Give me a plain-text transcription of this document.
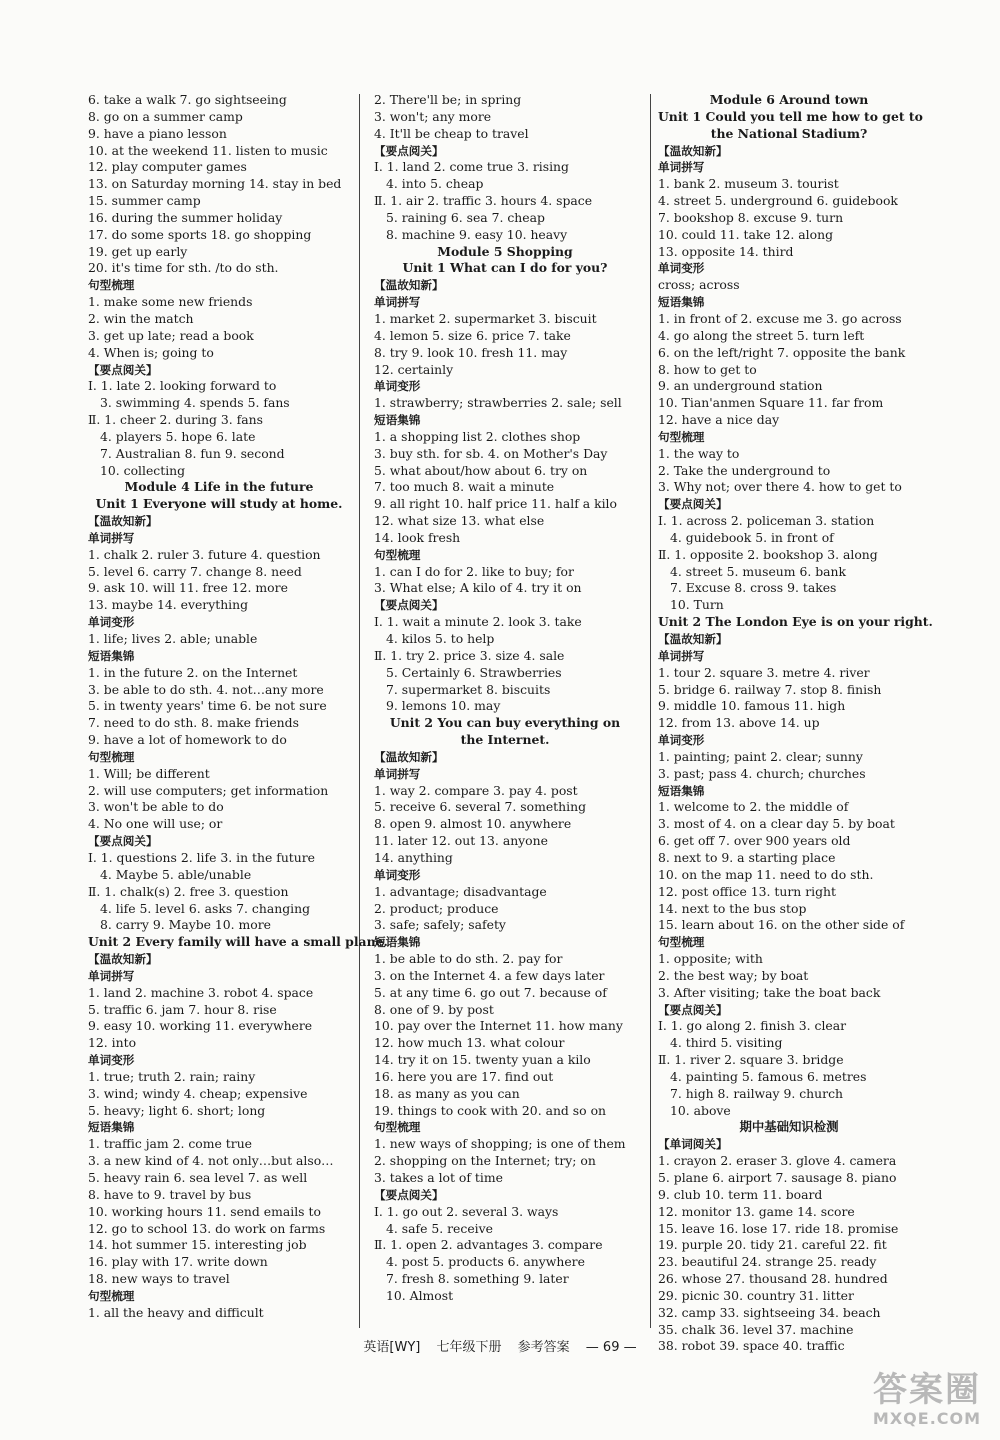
6. take a walk 7. go sightseeing
8. go on a summer camp
9. have a piano lesson
10. at the weekend 11. listen to music
12. play computer games
13. on Saturday morning 14. stay in bed
15. summer camp
16. during the summer holiday
17. do some sports 18. go shopping
19. get up early
20. it's time for sth. /to do sth.
句型梳理
1. make some new friends
2. win the match
3. get up late; read a book
4. When is; going to
【要点阅关】
Ⅰ. 1. late 2. looking forward to
3. swimming 4. spends 5. fans
Ⅱ. 1. cheer 2. during 3. fans
4. players 5. hope 6. late
7. Australian 8. fun 9. second
10. collecting
Module 4 Life in the future
Unit 1 Everyone will study at home.
【温故知新】
单词拼写
1. chalk 2. ruler 3. future 4. question
5. level 6. carry 7. change 8. need
9. ask 10. will 11. free 12. more
13. maybe 14. everything
单词变形
1. life; lives 2. able; unable
短语集锦
1. in the future 2. on the Internet
3. be able to do sth. 4. not…any more
5. in twenty years' time 6. be not sure
7. need to do sth. 8. make friends
9. have a lot of homework to do
句型梳理
1. Will; be different
2. will use computers; get information
3. won't be able to do
4. No one will use; or
【要点阅关】
Ⅰ. 1. questions 2. life 3. in the future
4. Maybe 5. able/unable
Ⅱ. 1. chalk(s) 2. free 3. question
4. life 5. level 6. asks 7. changing
8. carry 9. Maybe 10. more
Unit 2 Every family will have a small plane.
【温故知新】
单词拼写
1. land 2. machine 3. robot 4. space
5. traffic 6. jam 7. hour 8. rise
9. easy 10. working 11. everywhere
12. into
单词变形
1. true; truth 2. rain; rainy
3. wind; windy 4. cheap; expensive
5. heavy; light 6. short; long
短语集锦
1. traffic jam 2. come true
3. a new kind of 4. not only…but also…
5. heavy rain 6. sea level 7. as well
8. have to 9. travel by bus
10. working hours 11. send emails to
12. go to school 13. do work on farms
14. hot summer 15. interesting job
16. play with 17. write down
18. new ways to travel
句型梳理
1. all the heavy and difficult
2. There'll be; in spring
3. won't; any more
4. It'll be cheap to travel
【要点阅关】
Ⅰ. 1. land 2. come true 3. rising
4. into 5. cheap
Ⅱ. 1. air 2. traffic 3. hours 4. space
5. raining 6. sea 7. cheap
8. machine 9. easy 10. heavy
Module 5 Shopping
Unit 1 What can I do for you?
【温故知新】
单词拼写
1. market 2. supermarket 3. biscuit
4. lemon 5. size 6. price 7. take
8. try 9. look 10. fresh 11. may
12. certainly
单词变形
1. strawberry; strawberries 2. sale; sell
短语集锦
1. a shopping list 2. clothes shop
3. buy sth. for sb. 4. on Mother's Day
5. what about/how about 6. try on
7. too much 8. wait a minute
9. all right 10. half price 11. half a kilo
12. what size 13. what else
14. look fresh
句型梳理
1. can I do for 2. like to buy; for
3. What else; A kilo of 4. try it on
【要点阅关】
Ⅰ. 1. wait a minute 2. look 3. take
4. kilos 5. to help
Ⅱ. 1. try 2. price 3. size 4. sale
5. Certainly 6. Strawberries
7. supermarket 8. biscuits
9. lemons 10. may
Unit 2 You can buy everything on
the Internet.
【温故知新】
单词拼写
1. way 2. compare 3. pay 4. post
5. receive 6. several 7. something
8. open 9. almost 10. anywhere
11. later 12. out 13. anyone
14. anything
单词变形
1. advantage; disadvantage
2. product; produce
3. safe; safely; safety
短语集锦
1. be able to do sth. 2. pay for
3. on the Internet 4. a few days later
5. at any time 6. go out 7. because of
8. one of 9. by post
10. pay over the Internet 11. how many
12. how much 13. what colour
14. try it on 15. twenty yuan a kilo
16. here you are 17. find out
18. as many as you can
19. things to cook with 20. and so on
句型梳理
1. new ways of shopping; is one of them
2. shopping on the Internet; try; on
3. takes a lot of time
【要点阅关】
Ⅰ. 1. go out 2. several 3. ways
4. safe 5. receive
Ⅱ. 1. open 2. advantages 3. compare
4. post 5. products 6. anywhere
7. fresh 8. something 9. later
10. Almost
Module 6 Around town
Unit 1 Could you tell me how to get to
the National Stadium?
【温故知新】
单词拼写
1. bank 2. museum 3. tourist
4. street 5. underground 6. guidebook
7. bookshop 8. excuse 9. turn
10. could 11. take 12. along
13. opposite 14. third
单词变形
cross; across
短语集锦
1. in front of 2. excuse me 3. go across
4. go along the street 5. turn left
6. on the left/right 7. opposite the bank
8. how to get to
9. an underground station
10. Tian'anmen Square 11. far from
12. have a nice day
句型梳理
1. the way to
2. Take the underground to
3. Why not; over there 4. how to get to
【要点阅关】
Ⅰ. 1. across 2. policeman 3. station
4. guidebook 5. in front of
Ⅱ. 1. opposite 2. bookshop 3. along
4. street 5. museum 6. bank
7. Excuse 8. cross 9. takes
10. Turn
Unit 2 The London Eye is on your right.
【温故知新】
单词拼写
1. tour 2. square 3. metre 4. river
5. bridge 6. railway 7. stop 8. finish
9. middle 10. famous 11. high
12. from 13. above 14. up
单词变形
1. painting; paint 2. clear; sunny
3. past; pass 4. church; churches
短语集锦
1. welcome to 2. the middle of
3. most of 4. on a clear day 5. by boat
6. get off 7. over 900 years old
8. next to 9. a starting place
10. on the map 11. need to do sth.
12. post office 13. turn right
14. next to the bus stop
15. learn about 16. on the other side of
句型梳理
1. opposite; with
2. the best way; by boat
3. After visiting; take the boat back
【要点阅关】
Ⅰ. 1. go along 2. finish 3. clear
4. third 5. visiting
Ⅱ. 1. river 2. square 3. bridge
4. painting 5. famous 6. metres
7. high 8. railway 9. church
10. above
期中基础知识检测
【单词阅关】
1. crayon 2. eraser 3. glove 4. camera
5. plane 6. airport 7. sausage 8. piano
9. club 10. term 11. board
12. monitor 13. game 14. score
15. leave 16. lose 17. ride 18. promise
19. purple 20. tidy 21. careful 22. fit
23. beautiful 24. strange 25. ready
26. whose 27. thousand 28. hundred
29. picnic 30. country 31. litter
32. camp 33. sightseeing 34. beach
35. chalk 36. level 37. machine
38. robot 39. space 40. traffic
英语[WY] 七年级下册 参考答案 — 69 —
答案圈
MXQE.COM
